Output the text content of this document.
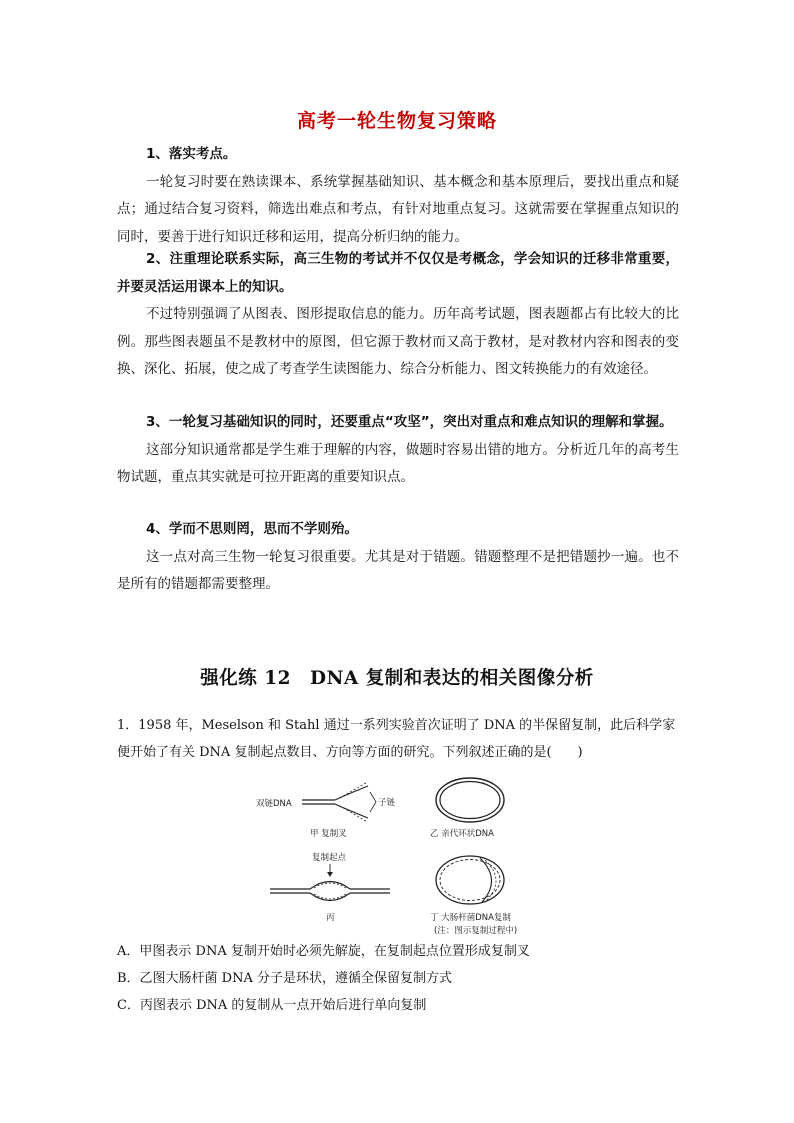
高考一轮生物复习策略
1、落实考点。
一轮复习时要在熟读课本、系统掌握基础知识、基本概念和基本原理后，要找出重点和疑点；通过结合复习资料，筛选出难点和考点，有针对地重点复习。这就需要在掌握重点知识的同时，要善于进行知识迁移和运用，提高分析归纳的能力。
2、注重理论联系实际，高三生物的考试并不仅仅是考概念，学会知识的迁移非常重要，并要灵活运用课本上的知识。
不过特别强调了从图表、图形提取信息的能力。历年高考试题，图表题都占有比较大的比例。那些图表题虽不是教材中的原图，但它源于教材而又高于教材，是对教材内容和图表的变换、深化、拓展，使之成了考查学生读图能力、综合分析能力、图文转换能力的有效途径。
3、一轮复习基础知识的同时，还要重点“攻坚”，突出对重点和难点知识的理解和掌握。
这部分知识通常都是学生难于理解的内容，做题时容易出错的地方。分析近几年的高考生物试题，重点其实就是可拉开距离的重要知识点。
4、学而不思则罔，思而不学则殆。
这一点对高三生物一轮复习很重要。尤其是对于错题。错题整理不是把错题抄一遍。也不是所有的错题都需要整理。
强化练 12　DNA 复制和表达的相关图像分析
1．1958 年，Meselson 和 Stahl 通过一系列实验首次证明了 DNA 的半保留复制，此后科学家便开始了有关 DNA 复制起点数目、方向等方面的研究。下列叙述正确的是(　　)
双链DNA	子链
甲 复制叉	乙 亲代环状DNA
复制起点
丙	丁 大肠杆菌DNA复制
(注：图示复制过程中)
A．甲图表示 DNA 复制开始时必须先解旋，在复制起点位置形成复制叉
B．乙图大肠杆菌 DNA 分子是环状，遵循全保留复制方式
C．丙图表示 DNA 的复制从一点开始后进行单向复制
